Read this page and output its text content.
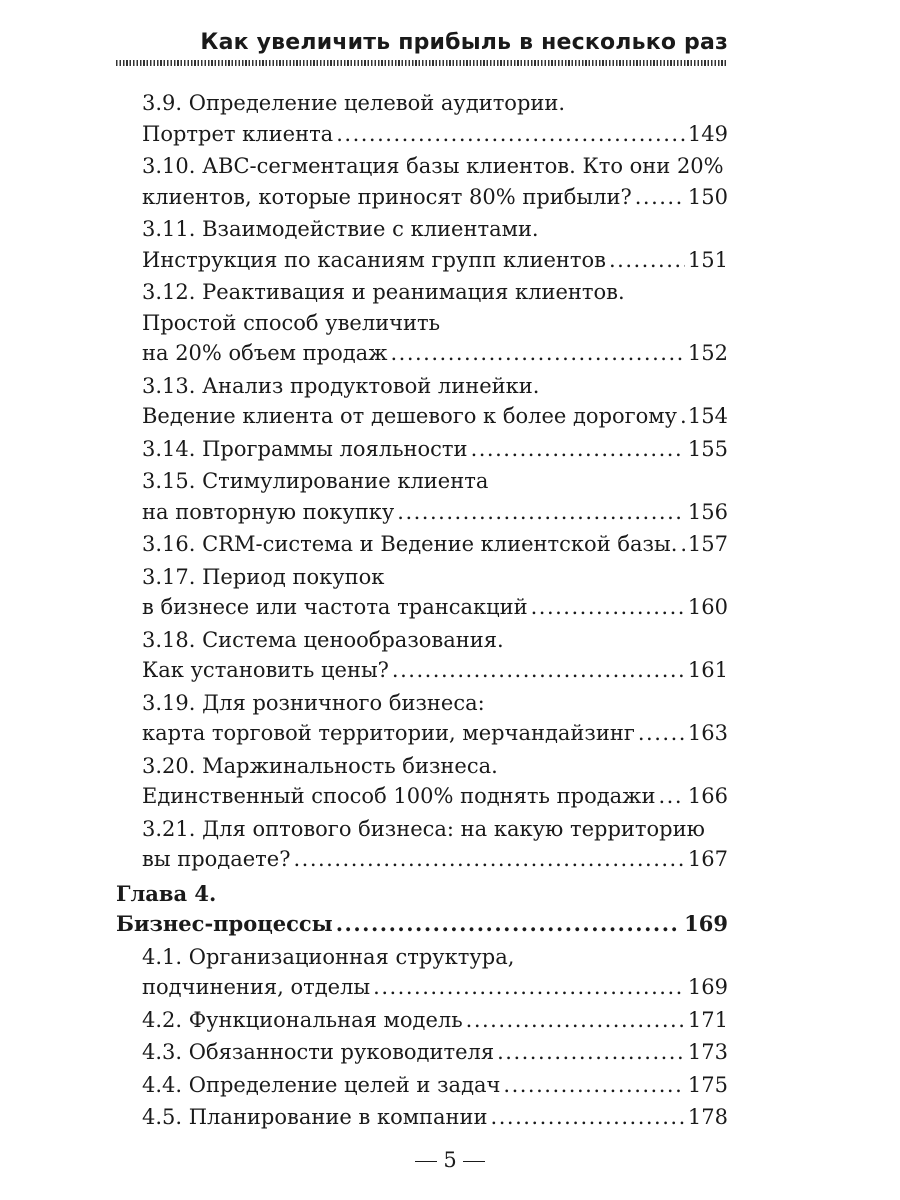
Как увеличить прибыль в несколько раз
3.9. Определение целевой аудитории.
Портрет клиента .....	149
3.10. АВС-сегментация базы клиентов. Кто они 20%
клиентов, которые приносят 80% прибыли? .....	150
3.11. Взаимодействие с клиентами.
Инструкция по касаниям групп клиентов .....	151
3.12. Реактивация и реанимация клиентов.
Простой способ увеличить
на 20% объем продаж .....	152
3.13. Анализ продуктовой линейки.
Ведение клиента от дешевого к более дорогому ..... 154
3.14. Программы лояльности .....	155
3.15. Стимулирование клиента
на повторную покупку .....	156
3.16. CRM-система и Ведение клиентской базы. ..... 157
3.17. Период покупок
в бизнесе или частота трансакций .....	160
3.18. Система ценообразования.
Как установить цены? .....	161
3.19. Для розничного бизнеса:
карта торговой территории, мерчандайзинг .....	163
3.20. Маржинальность бизнеса.
Единственный способ 100% поднять продажи ..... 166
3.21. Для оптового бизнеса: на какую территорию
вы продаете? .....	167
Глава 4.
Бизнес-процессы .....	169
4.1. Организационная структура,
подчинения, отделы .....	169
4.2. Функциональная модель .....	171
4.3. Обязанности руководителя .....	173
4.4. Определение целей и задач .....	175
4.5. Планирование в компании .....	178
5
